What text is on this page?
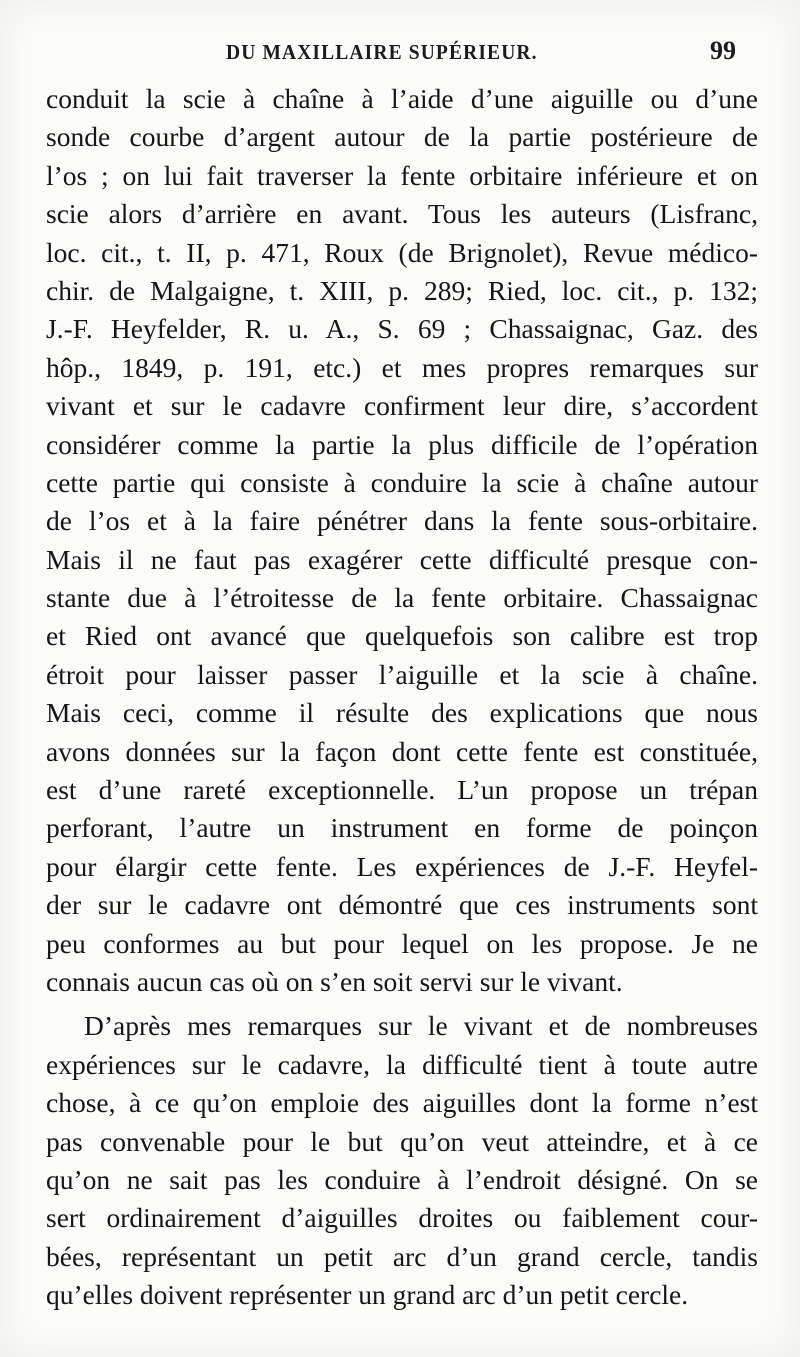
DU MAXILLAIRE SUPÉRIEUR.	99
conduit la scie à chaîne à l’aide d’une aiguille ou d’une
sonde courbe d’argent autour de la partie postérieure de
l’os ; on lui fait traverser la fente orbitaire inférieure et on
scie alors d’arrière en avant. Tous les auteurs (Lisfranc,
loc. cit., t. II, p. 471, Roux (de Brignolet), Revue médico-
chir. de Malgaigne, t. XIII, p. 289; Ried, loc. cit., p. 132;
J.-F. Heyfelder, R. u. A., S. 69 ; Chassaignac, Gaz. des
hôp., 1849, p. 191, etc.) et mes propres remarques sur
vivant et sur le cadavre confirment leur dire, s’accordent
considérer comme la partie la plus difficile de l’opération
cette partie qui consiste à conduire la scie à chaîne autour
de l’os et à la faire pénétrer dans la fente sous-orbitaire.
Mais il ne faut pas exagérer cette difficulté presque con-
stante due à l’étroitesse de la fente orbitaire. Chassaignac
et Ried ont avancé que quelquefois son calibre est trop
étroit pour laisser passer l’aiguille et la scie à chaîne.
Mais ceci, comme il résulte des explications que nous
avons données sur la façon dont cette fente est constituée,
est d’une rareté exceptionnelle. L’un propose un trépan
perforant, l’autre un instrument en forme de poinçon
pour élargir cette fente. Les expériences de J.-F. Heyfel-
der sur le cadavre ont démontré que ces instruments sont
peu conformes au but pour lequel on les propose. Je ne
connais aucun cas où on s’en soit servi sur le vivant.
D’après mes remarques sur le vivant et de nombreuses
expériences sur le cadavre, la difficulté tient à toute autre
chose, à ce qu’on emploie des aiguilles dont la forme n’est
pas convenable pour le but qu’on veut atteindre, et à ce
qu’on ne sait pas les conduire à l’endroit désigné. On se
sert ordinairement d’aiguilles droites ou faiblement cour-
bées, représentant un petit arc d’un grand cercle, tandis
qu’elles doivent représenter un grand arc d’un petit cercle.
